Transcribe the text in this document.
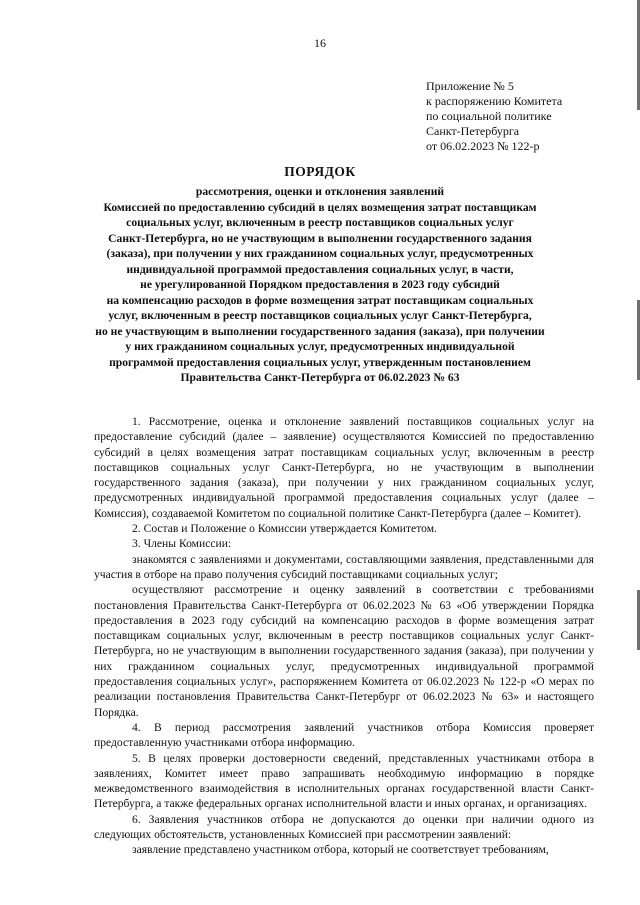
16
Приложение № 5
к распоряжению Комитета
по социальной политике
Санкт-Петербурга
от 06.02.2023 № 122-р
ПОРЯДОК
рассмотрения, оценки и отклонения заявлений
Комиссией по предоставлению субсидий в целях возмещения затрат поставщикам
социальных услуг, включенным в реестр поставщиков социальных услуг
Санкт-Петербурга, но не участвующим в выполнении государственного задания
(заказа), при получении у них гражданином социальных услуг, предусмотренных
индивидуальной программой предоставления социальных услуг, в части,
не урегулированной Порядком предоставления в 2023 году субсидий
на компенсацию расходов в форме возмещения затрат поставщикам социальных
услуг, включенным в реестр поставщиков социальных услуг Санкт-Петербурга,
но не участвующим в выполнении государственного задания (заказа), при получении
у них гражданином социальных услуг, предусмотренных индивидуальной
программой предоставления социальных услуг, утвержденным постановлением
Правительства Санкт-Петербурга от 06.02.2023 № 63

1. Рассмотрение, оценка и отклонение заявлений поставщиков социальных услуг на предоставление субсидий (далее – заявление) осуществляются Комиссией по предоставлению субсидий в целях возмещения затрат поставщикам социальных услуг, включенным в реестр поставщиков социальных услуг Санкт-Петербурга, но не участвующим в выполнении государственного задания (заказа), при получении у них гражданином социальных услуг, предусмотренных индивидуальной программой предоставления социальных услуг (далее – Комиссия), создаваемой Комитетом по социальной политике Санкт-Петербурга (далее – Комитет).

2. Состав и Положение о Комиссии утверждается Комитетом.

3. Члены Комиссии:

знакомятся с заявлениями и документами, составляющими заявления, представленными для участия в отборе на право получения субсидий поставщиками социальных услуг;

осуществляют рассмотрение и оценку заявлений в соответствии с требованиями постановления Правительства Санкт-Петербурга от 06.02.2023 № 63 «Об утверждении Порядка предоставления в 2023 году субсидий на компенсацию расходов в форме возмещения затрат поставщикам социальных услуг, включенным в реестр поставщиков социальных услуг Санкт-Петербурга, но не участвующим в выполнении государственного задания (заказа), при получении у них гражданином социальных услуг, предусмотренных индивидуальной программой предоставления социальных услуг», распоряжением Комитета от 06.02.2023 № 122-р «О мерах по реализации постановления Правительства Санкт-Петербург от 06.02.2023 № 63» и настоящего Порядка.

4. В период рассмотрения заявлений участников отбора Комиссия проверяет предоставленную участниками отбора информацию.

5. В целях проверки достоверности сведений, представленных участниками отбора в заявлениях, Комитет имеет право запрашивать необходимую информацию в порядке межведомственного взаимодействия в исполнительных органах государственной власти Санкт-Петербурга, а также федеральных органах исполнительной власти и иных органах, и организациях.

6. Заявления участников отбора не допускаются до оценки при наличии одного из следующих обстоятельств, установленных Комиссией при рассмотрении заявлений:

заявление представлено участником отбора, который не соответствует требованиям,
